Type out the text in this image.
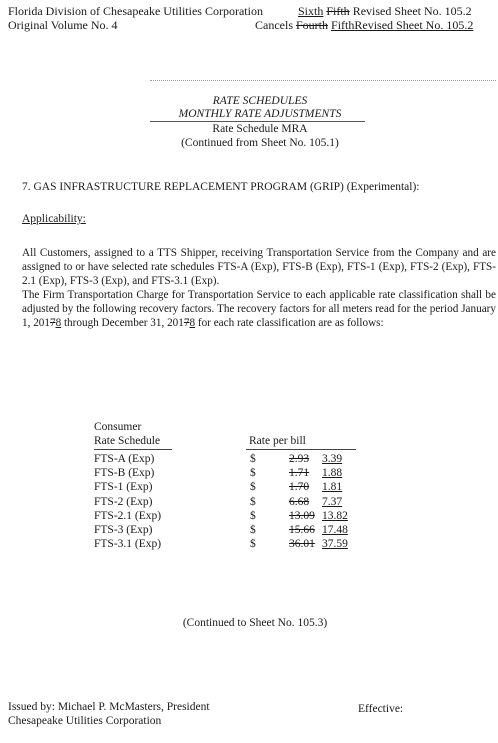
Florida Division of Chesapeake Utilities Corporation
Original Volume No. 4
Sixth Fifth Revised Sheet No. 105.2
Cancels Fourth FifthRevised Sheet No. 105.2
RATE SCHEDULES
MONTHLY RATE ADJUSTMENTS
Rate Schedule MRA
(Continued from Sheet No. 105.1)
7. GAS INFRASTRUCTURE REPLACEMENT PROGRAM (GRIP) (Experimental):
Applicability:
All Customers, assigned to a TTS Shipper, receiving Transportation Service from the Company and are assigned to or have selected rate schedules FTS-A (Exp), FTS-B (Exp), FTS-1 (Exp), FTS-2 (Exp), FTS-2.1 (Exp), FTS-3 (Exp), and FTS-3.1 (Exp).
The Firm Transportation Charge for Transportation Service to each applicable rate classification shall be adjusted by the following recovery factors. The recovery factors for all meters read for the period January 1, 20178 through December 31, 20178 for each rate classification are as follows:
Consumer
Rate Schedule	Rate per bill
FTS-A (Exp)	$	2.93 3.39
FTS-B (Exp)	$	1.71 1.88
FTS-1 (Exp)	$	1.70 1.81
FTS-2 (Exp)	$	6.68 7.37
FTS-2.1 (Exp)	$	13.09 13.82
FTS-3 (Exp)	$	15.66 17.48
FTS-3.1 (Exp)	$	36.01 37.59
(Continued to Sheet No. 105.3)
Issued by: Michael P. McMasters, President
Chesapeake Utilities Corporation
Effective:
